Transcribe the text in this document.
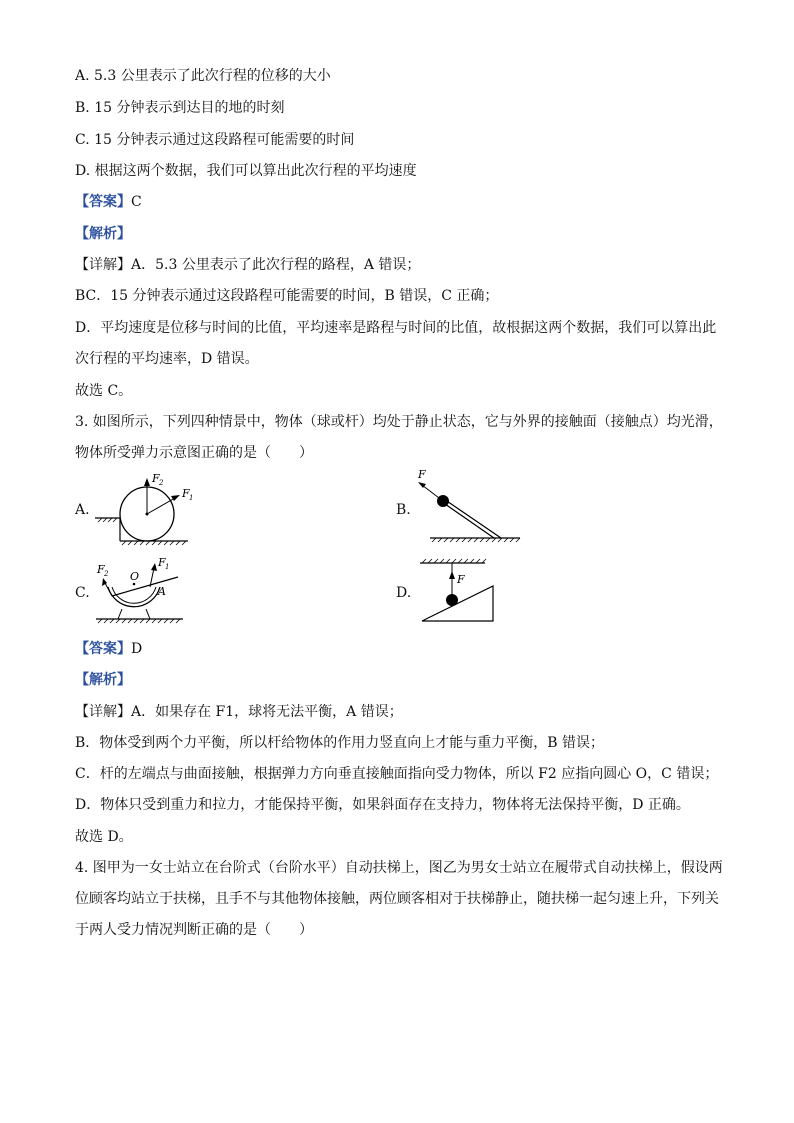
A. 5.3 公里表示了此次行程的位移的大小
B. 15 分钟表示到达目的地的时刻
C. 15 分钟表示通过这段路程可能需要的时间
D. 根据这两个数据，我们可以算出此次行程的平均速度
【答案】C
【解析】
【详解】A．5.3 公里表示了此次行程的路程，A 错误；
BC．15 分钟表示通过这段路程可能需要的时间，B 错误，C 正确；
D．平均速度是位移与时间的比值，平均速率是路程与时间的比值，故根据这两个数据，我们可以算出此
次行程的平均速率，D 错误。
故选 C。
3. 如图所示，下列四种情景中，物体（球或杆）均处于静止状态，它与外界的接触面（接触点）均光滑，
物体所受弹力示意图正确的是（　　）
A.
F 2
F 1
B.
F
C.
F 2
F 1
O
A	D.
F
【答案】D
【解析】
【详解】A．如果存在 F1，球将无法平衡，A 错误；
B．物体受到两个力平衡，所以杆给物体的作用力竖直向上才能与重力平衡，B 错误；
C．杆的左端点与曲面接触，根据弹力方向垂直接触面指向受力物体，所以 F2 应指向圆心 O，C 错误；
D．物体只受到重力和拉力，才能保持平衡，如果斜面存在支持力，物体将无法保持平衡，D 正确。
故选 D。
4. 图甲为一女士站立在台阶式（台阶水平）自动扶梯上，图乙为男女士站立在履带式自动扶梯上，假设两
位顾客均站立于扶梯，且手不与其他物体接触，两位顾客相对于扶梯静止，随扶梯一起匀速上升，下列关
于两人受力情况判断正确的是（　　）
